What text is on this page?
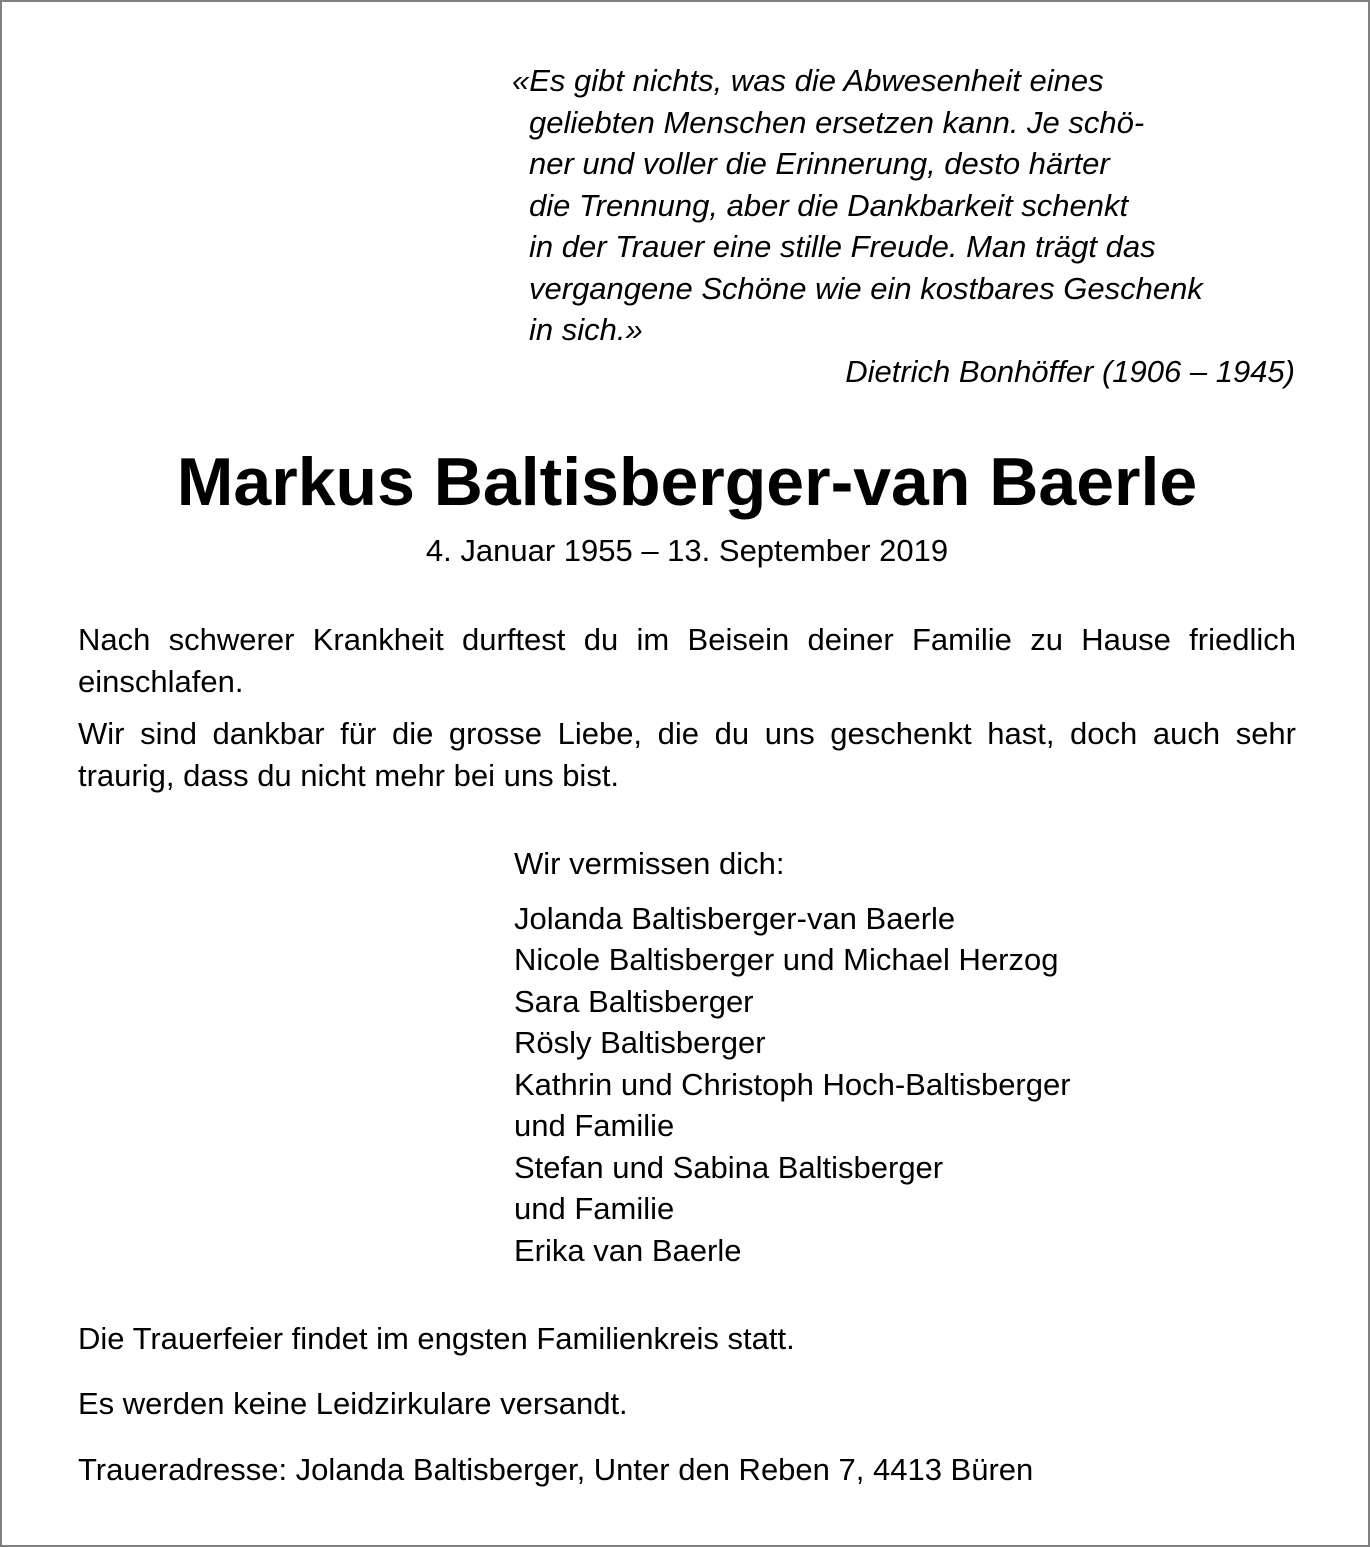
«Es gibt nichts, was die Abwesenheit eines
geliebten Menschen ersetzen kann. Je schö-
ner und voller die Erinnerung, desto härter
die Trennung, aber die Dankbarkeit schenkt
in der Trauer eine stille Freude. Man trägt das
vergangene Schöne wie ein kostbares Geschenk
in sich.»
Dietrich Bonhöffer (1906 – 1945)
Markus Baltisberger-van Baerle
4. Januar 1955 – 13. September 2019
Nach schwerer Krankheit durftest du im Beisein deiner Familie zu Hause friedlich einschlafen.
Wir sind dankbar für die grosse Liebe, die du uns geschenkt hast, doch auch sehr traurig, dass du nicht mehr bei uns bist.
Wir vermissen dich:
Jolanda Baltisberger-van Baerle
Nicole Baltisberger und Michael Herzog
Sara Baltisberger
Rösly Baltisberger
Kathrin und Christoph Hoch-Baltisberger
und Familie
Stefan und Sabina Baltisberger
und Familie
Erika van Baerle
Die Trauerfeier findet im engsten Familienkreis statt.
Es werden keine Leidzirkulare versandt.
Traueradresse: Jolanda Baltisberger, Unter den Reben 7, 4413 Büren
